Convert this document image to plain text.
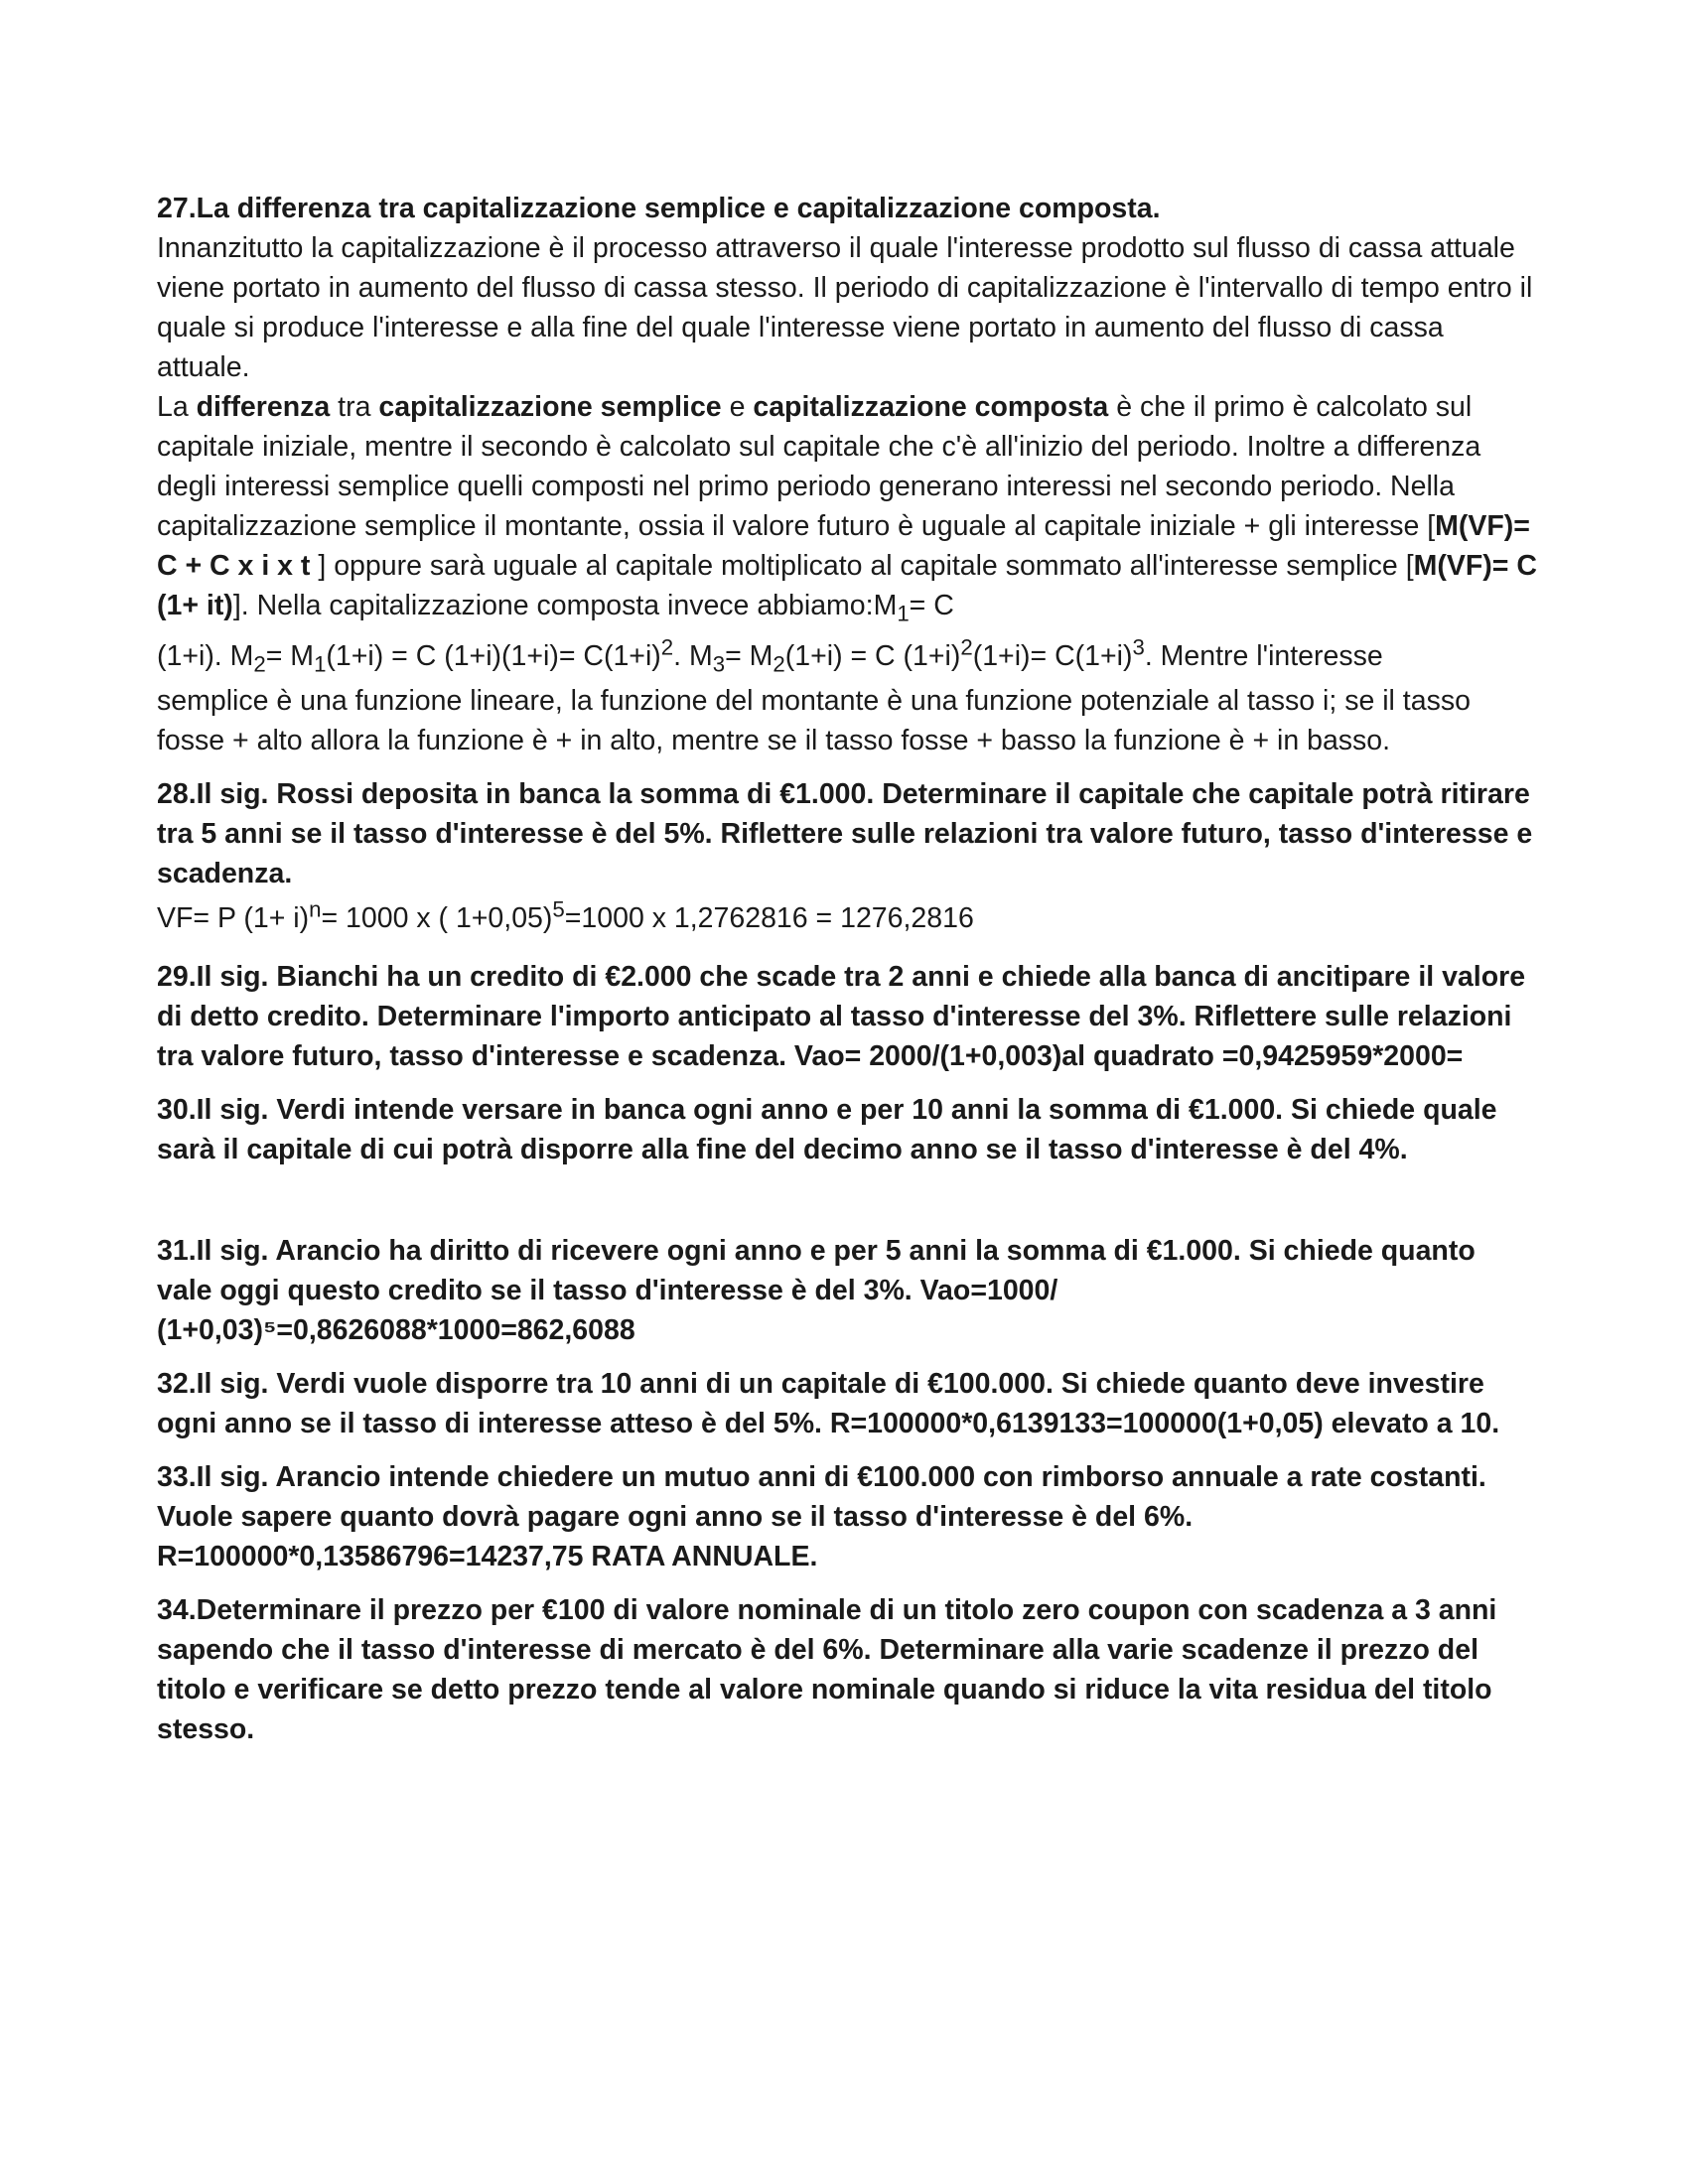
27.La differenza tra capitalizzazione semplice e capitalizzazione composta.

Innanzitutto la capitalizzazione è il processo attraverso il quale l'interesse prodotto sul flusso di cassa attuale viene portato in aumento del flusso di cassa stesso. Il periodo di capitalizzazione è l'intervallo di tempo entro il quale si produce l'interesse e alla fine del quale l'interesse viene portato in aumento del flusso di cassa attuale.

La differenza tra capitalizzazione semplice e capitalizzazione composta è che il primo è calcolato sul capitale iniziale, mentre il secondo è calcolato sul capitale che c'è all'inizio del periodo. Inoltre a differenza degli interessi semplice quelli composti nel primo periodo generano interessi nel secondo periodo. Nella capitalizzazione semplice il montante, ossia il valore futuro è uguale al capitale iniziale + gli interesse [M(VF)= C + C x i x t ] oppure sarà uguale al capitale moltiplicato al capitale sommato all'interesse semplice [M(VF)= C (1+ it)]. Nella capitalizzazione composta invece $abbiamo:M_1= C$

(1+i). $M_2= M_1(1+i) = C$ $(1+i)(1+i)= C(1+i)^2$. $M_3= M_2(1+i) = C$ $(1+i)^2(1+i)= C(1+i)^3$. Mentre l'interesse

semplice è una funzione lineare, la funzione del montante è una funzione potenziale al tasso i; se il tasso fosse + alto allora la funzione è + in alto, mentre se il tasso fosse + basso la funzione è + in basso.

28.Il sig. Rossi deposita in banca la somma di €1.000. Determinare il capitale che capitale potrà ritirare tra 5 anni se il tasso d'interesse è del 5%. Riflettere sulle relazioni tra valore futuro, tasso d'interesse e scadenza.

VF= P $(1+ i)^n= 1000$ x ( 1+0,05)$^5$=1000 x 1,2762816 = 1276,2816

29.Il sig. Bianchi ha un credito di €2.000 che scade tra 2 anni e chiede alla banca di ancitipare il valore di detto credito. Determinare l'importo anticipato al tasso d'interesse del 3%. Riflettere sulle relazioni tra valore futuro, tasso d'interesse e scadenza. Vao= 2000/(1+0,003)al quadrato =0,9425959*2000=

30.Il sig. Verdi intende versare in banca ogni anno e per 10 anni la somma di €1.000. Si chiede quale sarà il capitale di cui potrà disporre alla fine del decimo anno se il tasso d'interesse è del 4%.

31.Il sig. Arancio ha diritto di ricevere ogni anno e per 5 anni la somma di €1.000. Si chiede quanto vale oggi questo credito se il tasso d'interesse è del 3%. Vao=1000/ (1+0,03)⁵=0,8626088*1000=862,6088

32.Il sig. Verdi vuole disporre tra 10 anni di un capitale di €100.000. Si chiede quanto deve investire ogni anno se il tasso di interesse atteso è del 5%. R=100000*0,6139133=100000(1+0,05) elevato a 10.

33.Il sig. Arancio intende chiedere un mutuo anni di €100.000 con rimborso annuale a rate costanti. Vuole sapere quanto dovrà pagare ogni anno se il tasso d'interesse è del 6%. R=100000*0,13586796=14237,75 RATA ANNUALE.

34.Determinare il prezzo per €100 di valore nominale di un titolo zero coupon con scadenza a 3 anni sapendo che il tasso d'interesse di mercato è del 6%. Determinare alla varie scadenze il prezzo del titolo e verificare se detto prezzo tende al valore nominale quando si riduce la vita residua del titolo stesso.
